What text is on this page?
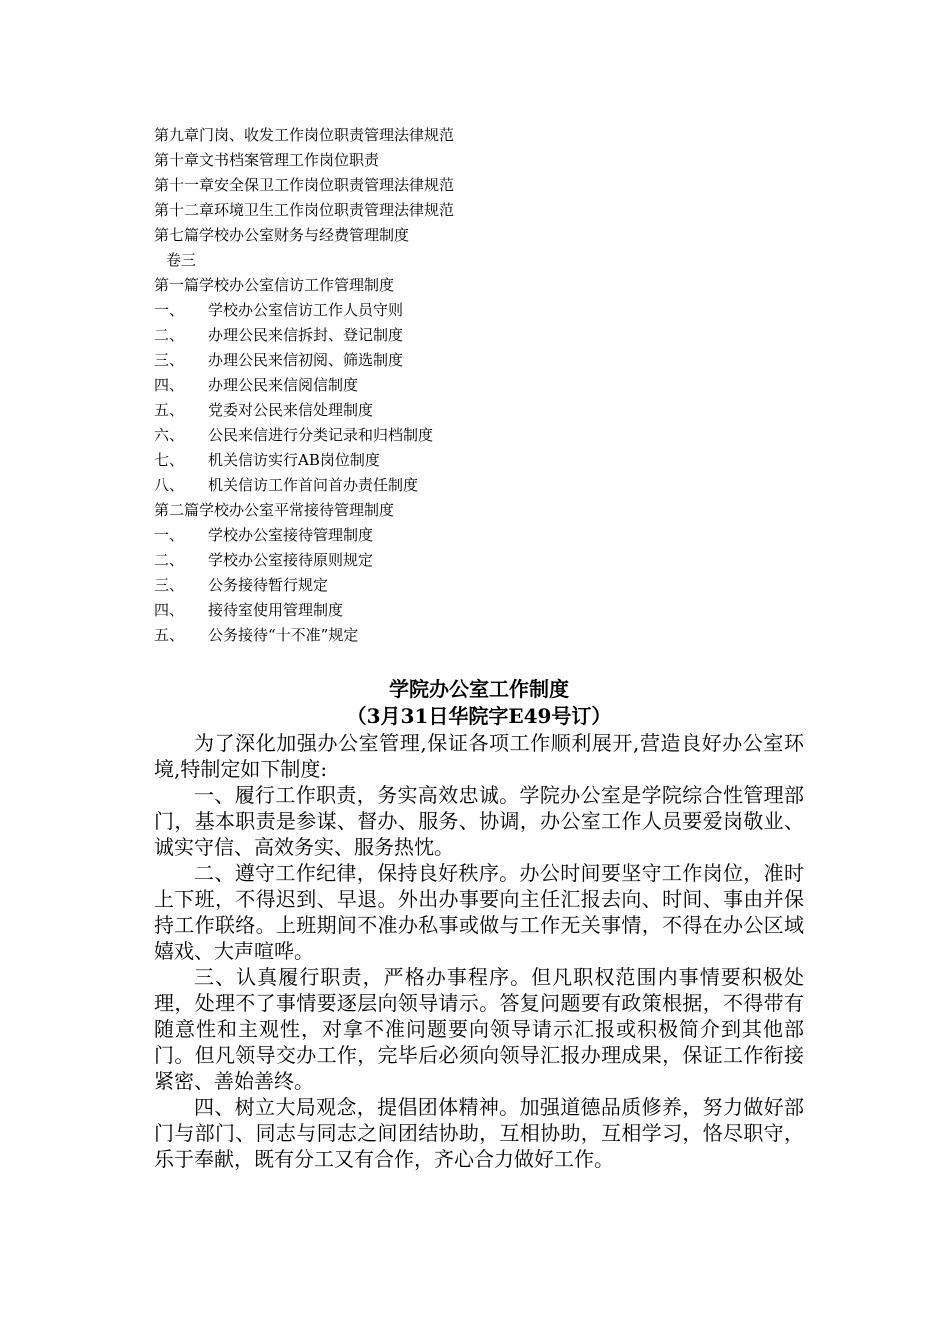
第九章门岗、收发工作岗位职责管理法律规范
第十章文书档案管理工作岗位职责
第十一章安全保卫工作岗位职责管理法律规范
第十二章环境卫生工作岗位职责管理法律规范
第七篇学校办公室财务与经费管理制度
卷三
第一篇学校办公室信访工作管理制度
一、 学校办公室信访工作人员守则
二、 办理公民来信拆封、登记制度
三、 办理公民来信初阅、筛选制度
四、 办理公民来信阅信制度
五、 党委对公民来信处理制度
六、 公民来信进行分类记录和归档制度
七、 机关信访实行AB岗位制度
八、 机关信访工作首问首办责任制度
第二篇学校办公室平常接待管理制度
一、 学校办公室接待管理制度
二、 学校办公室接待原则规定
三、 公务接待暂行规定
四、 接待室使用管理制度
五、 公务接待“十不准”规定
学院办公室工作制度
（3月31日华院字E49号订）

为了深化加强办公室管理,保证各项工作顺利展开,营造良好办公室环境,特制定如下制度:

一、履行工作职责，务实高效忠诚。学院办公室是学院综合性管理部门，基本职责是参谋、督办、服务、协调，办公室工作人员要爱岗敬业、诚实守信、高效务实、服务热忱。

二、遵守工作纪律，保持良好秩序。办公时间要坚守工作岗位，准时上下班，不得迟到、早退。外出办事要向主任汇报去向、时间、事由并保持工作联络。上班期间不准办私事或做与工作无关事情，不得在办公区域嬉戏、大声喧哗。

三、认真履行职责，严格办事程序。但凡职权范围内事情要积极处理，处理不了事情要逐层向领导请示。答复问题要有政策根据，不得带有随意性和主观性，对拿不准问题要向领导请示汇报或积极简介到其他部门。但凡领导交办工作，完毕后必须向领导汇报办理成果，保证工作衔接紧密、善始善终。

四、树立大局观念，提倡团体精神。加强道德品质修养，努力做好部门与部门、同志与同志之间团结协助，互相协助，互相学习，恪尽职守，乐于奉献，既有分工又有合作，齐心合力做好工作。
